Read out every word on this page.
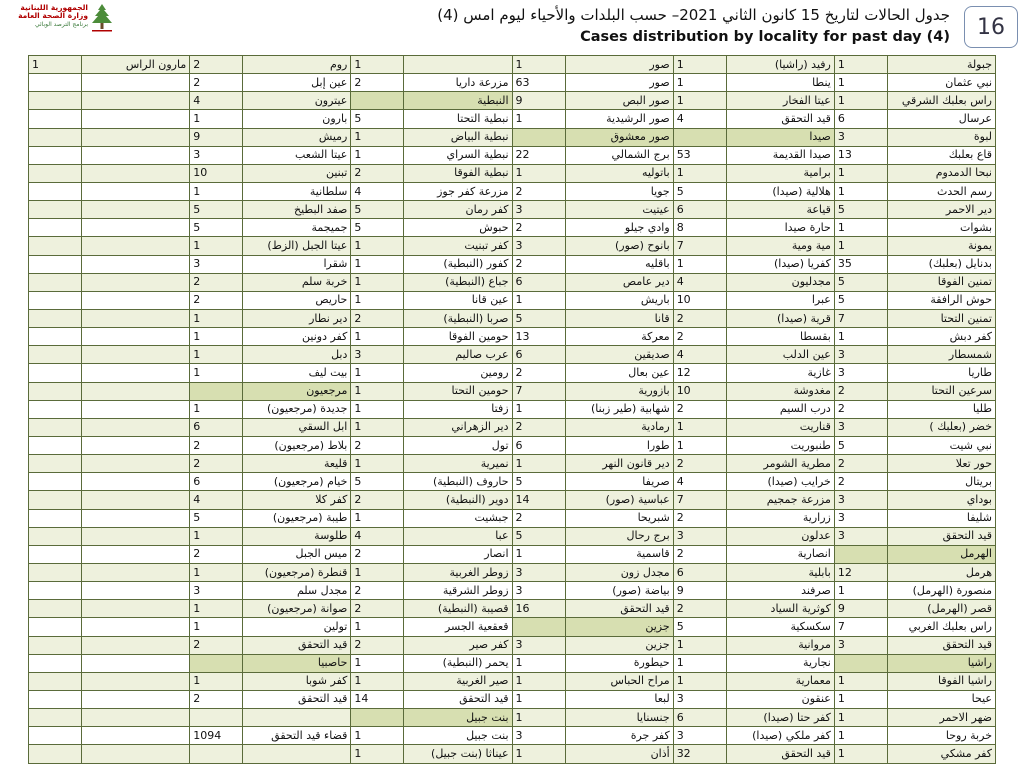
الجمهورية اللبنانية وزارة الصحة العامة
برنامج الترصد الوبائي
جدول الحالات لتاريخ 15 كانون الثاني 2021– حسب البلدات والأحياء ليوم امس (4)
Cases distribution by locality for past day (4)	16
جبولة	1	رفيد (راشيا)	1	صور	1		1	روم	2	مارون الراس	1
نبي عثمان	1	ينطا	1	صور	63	مزرعة داريا	2	عين إبل	2		
راس بعلبك الشرقي	1	عيتا الفخار	1	صور البص	9	النبطية		عيترون	4		
عرسال	6	قيد التحقق	4	صور الرشيدية	1	نبطية التحتا	5	بارون	1		
لبوة	3	صيدا		صور معشوق		نبطية البياض	1	رميش	9		
قاع بعلبك	13	صيدا القديمة	53	برج الشمالي	22	نبطية السراي	1	عيتا الشعب	3		
نبحا الدمدوم	1	برامية	1	باتوليه	1	نبطية الفوقا	2	تبنين	10		
رسم الحدث	1	هلالية (صيدا)	5	جويا	2	مزرعة كفر جوز	4	سلطانية	1		
دير الاحمر	5	قياعة	6	عيتيت	3	كفر رمان	5	صفد البطيخ	5		
بشوات	1	حارة صيدا	8	وادي جيلو	2	حبوش	5	جميجمة	5		
يمونة	1	مية ومية	7	بانوح (صور)	3	كفر تبنيت	1	عيتا الجبل (الزط)	1		
بدنايل (بعلبك)	35	كفريا (صيدا)	1	باقليه	2	كفور (النبطية)	1	شقرا	3		
تمنين الفوقا	5	مجدليون	4	دير عامص	6	جباع (النبطية)	1	خربة سلم	2		
حوش الرافقة	5	عبرا	10	باريش	1	عين قانا	1	حاريص	2		
تمنين التحتا	7	قرية (صيدا)	2	قانا	5	صربا (النبطية)	2	دير نطار	1		
كفر دبش	1	بقسطا	2	معركة	13	حومين الفوقا	1	كفر دونين	1		
شمسطار	3	عين الدلب	4	صديقين	6	عرب صاليم	3	دبل	1		
طاريا	3	غازية	12	عين بعال	2	رومين	1	بيت ليف	1		
سرعين التحتا	2	مغدوشة	10	بازورية	7	حومين التحتا	1	مرجعيون			
طليا	2	درب السيم	2	شهابية (طير زبنا)	1	زفتا	1	جديدة (مرجعيون)	1		
خضر (بعلبك )	3	قناريت	1	رمادية	2	دير الزهراني	1	ابل السقي	6		
نبي شيت	5	طنبوريت	1	طورا	6	تول	2	بلاط (مرجعيون)	2		
حور تعلا	2	مطرية الشومر	2	دير قانون النهر	1	نميرية	1	قليعة	2		
بريتال	2	خرايب (صيدا)	4	صريفا	5	حاروف (النبطية)	5	خيام (مرجعيون)	6		
بوداي	3	مزرعة جمجيم	7	عباسية (صور)	14	دوير (النبطية)	2	كفر كلا	4		
شليفا	3	زرارية	2	شبريحا	2	جبشيت	1	طيبة (مرجعيون)	5		
قيد التحقق	3	عدلون	3	برج رحال	5	عبا	4	طلوسة	1		
الهرمل		انصارية	2	قاسمية	1	انصار	2	ميس الجبل	2		
هرمل	12	بابلية	6	مجدل زون	3	زوطر الغربية	1	قنطرة (مرجعيون)	1		
منصورة (الهرمل)	1	صرفند	9	بياضة (صور)	3	زوطر الشرقية	2	مجدل سلم	3		
قصر (الهرمل)	9	كوثرية السياد	2	قيد التحقق	16	قصيبة (النبطية)	2	صوانة (مرجعيون)	1		
راس بعلبك الغربي	7	سكسكية	5	جزين		قعقعية الجسر	1	تولين	1		
قيد التحقق	3	مروانية	1	جزين	3	كفر صير	2	قيد التحقق	2		
راشيا		نجارية	1	حيطورة	1	يحمر (النبطية)	1	حاصبيا			
راشيا الفوقا	1	معمارية	1	مراح الحباس	1	صير الغربية	1	كفر شوبا	1		
عيحا	1	عنقون	3	لبعا	1	قيد التحقق	14	قيد التحقق	2		
ضهر الاحمر	1	كفر حتا (صيدا)	6	جنسنايا	1	بنت جبيل					
خربة روحا	1	كفر ملكي (صيدا)	3	كفر جرة	3	بنت جبيل	1	قضاء قيد التحقق	1094		
كفر مشكي	1	قيد التحقق	32	أذان	1	عيناثا (بنت جبيل)	1				
